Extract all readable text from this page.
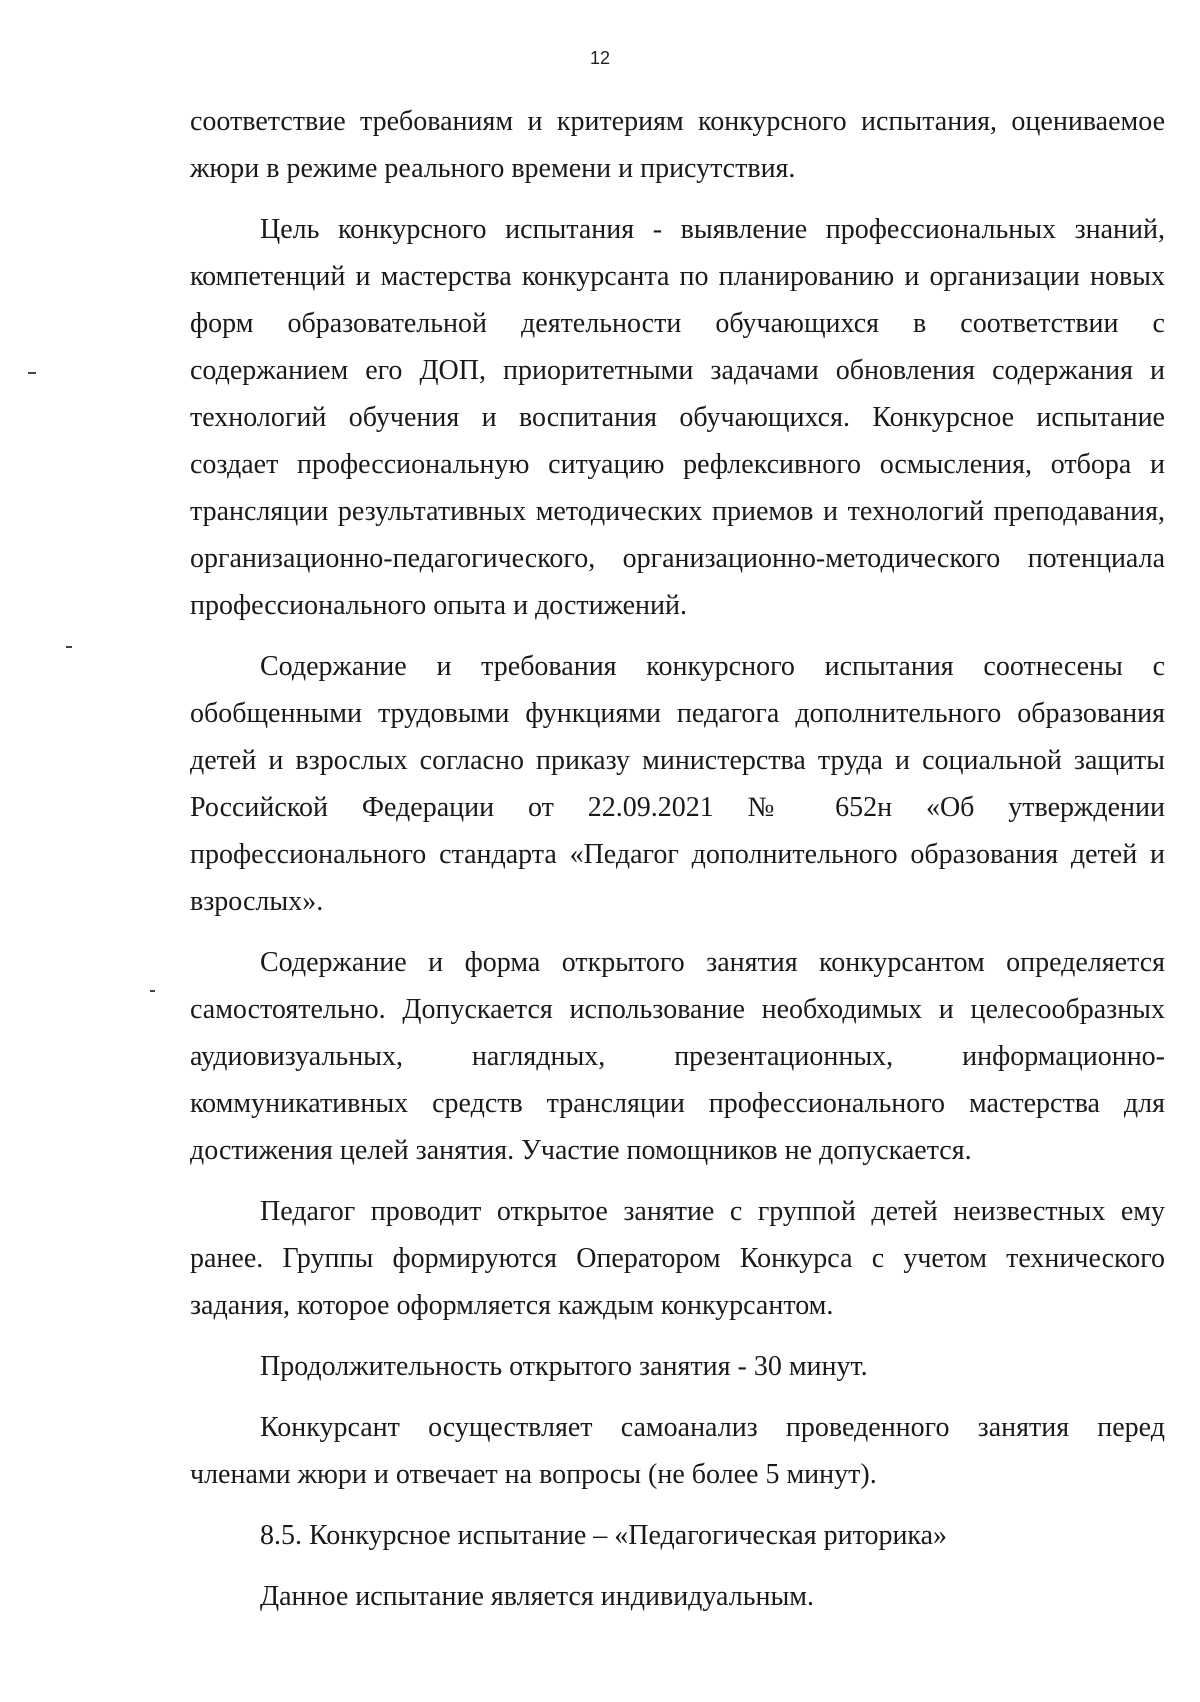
12

соответствие требованиям и критериям конкурсного испытания, оцениваемое жюри в режиме реального времени и присутствия.

Цель конкурсного испытания - выявление профессиональных знаний, компетенций и мастерства конкурсанта по планированию и организации новых форм образовательной деятельности обучающихся в соответствии с содержанием его ДОП, приоритетными задачами обновления содержания и технологий обучения и воспитания обучающихся. Конкурсное испытание создает профессиональную ситуацию рефлексивного осмысления, отбора и трансляции результативных методических приемов и технологий преподавания, организационно-педагогического, организационно-методического потенциала профессионального опыта и достижений.

Содержание и требования конкурсного испытания соотнесены с обобщенными трудовыми функциями педагога дополнительного образования детей и взрослых согласно приказу министерства труда и социальной защиты Российской Федерации от 22.09.2021 № 652н «Об утверждении профессионального стандарта «Педагог дополнительного образования детей и взрослых».

Содержание и форма открытого занятия конкурсантом определяется самостоятельно. Допускается использование необходимых и целесообразных аудиовизуальных, наглядных, презентационных, информационно-коммуникативных средств трансляции профессионального мастерства для достижения целей занятия. Участие помощников не допускается.

Педагог проводит открытое занятие с группой детей неизвестных ему ранее. Группы формируются Оператором Конкурса с учетом технического задания, которое оформляется каждым конкурсантом.

Продолжительность открытого занятия - 30 минут.

Конкурсант осуществляет самоанализ проведенного занятия перед членами жюри и отвечает на вопросы (не более 5 минут).

8.5. Конкурсное испытание – «Педагогическая риторика»

Данное испытание является индивидуальным.
